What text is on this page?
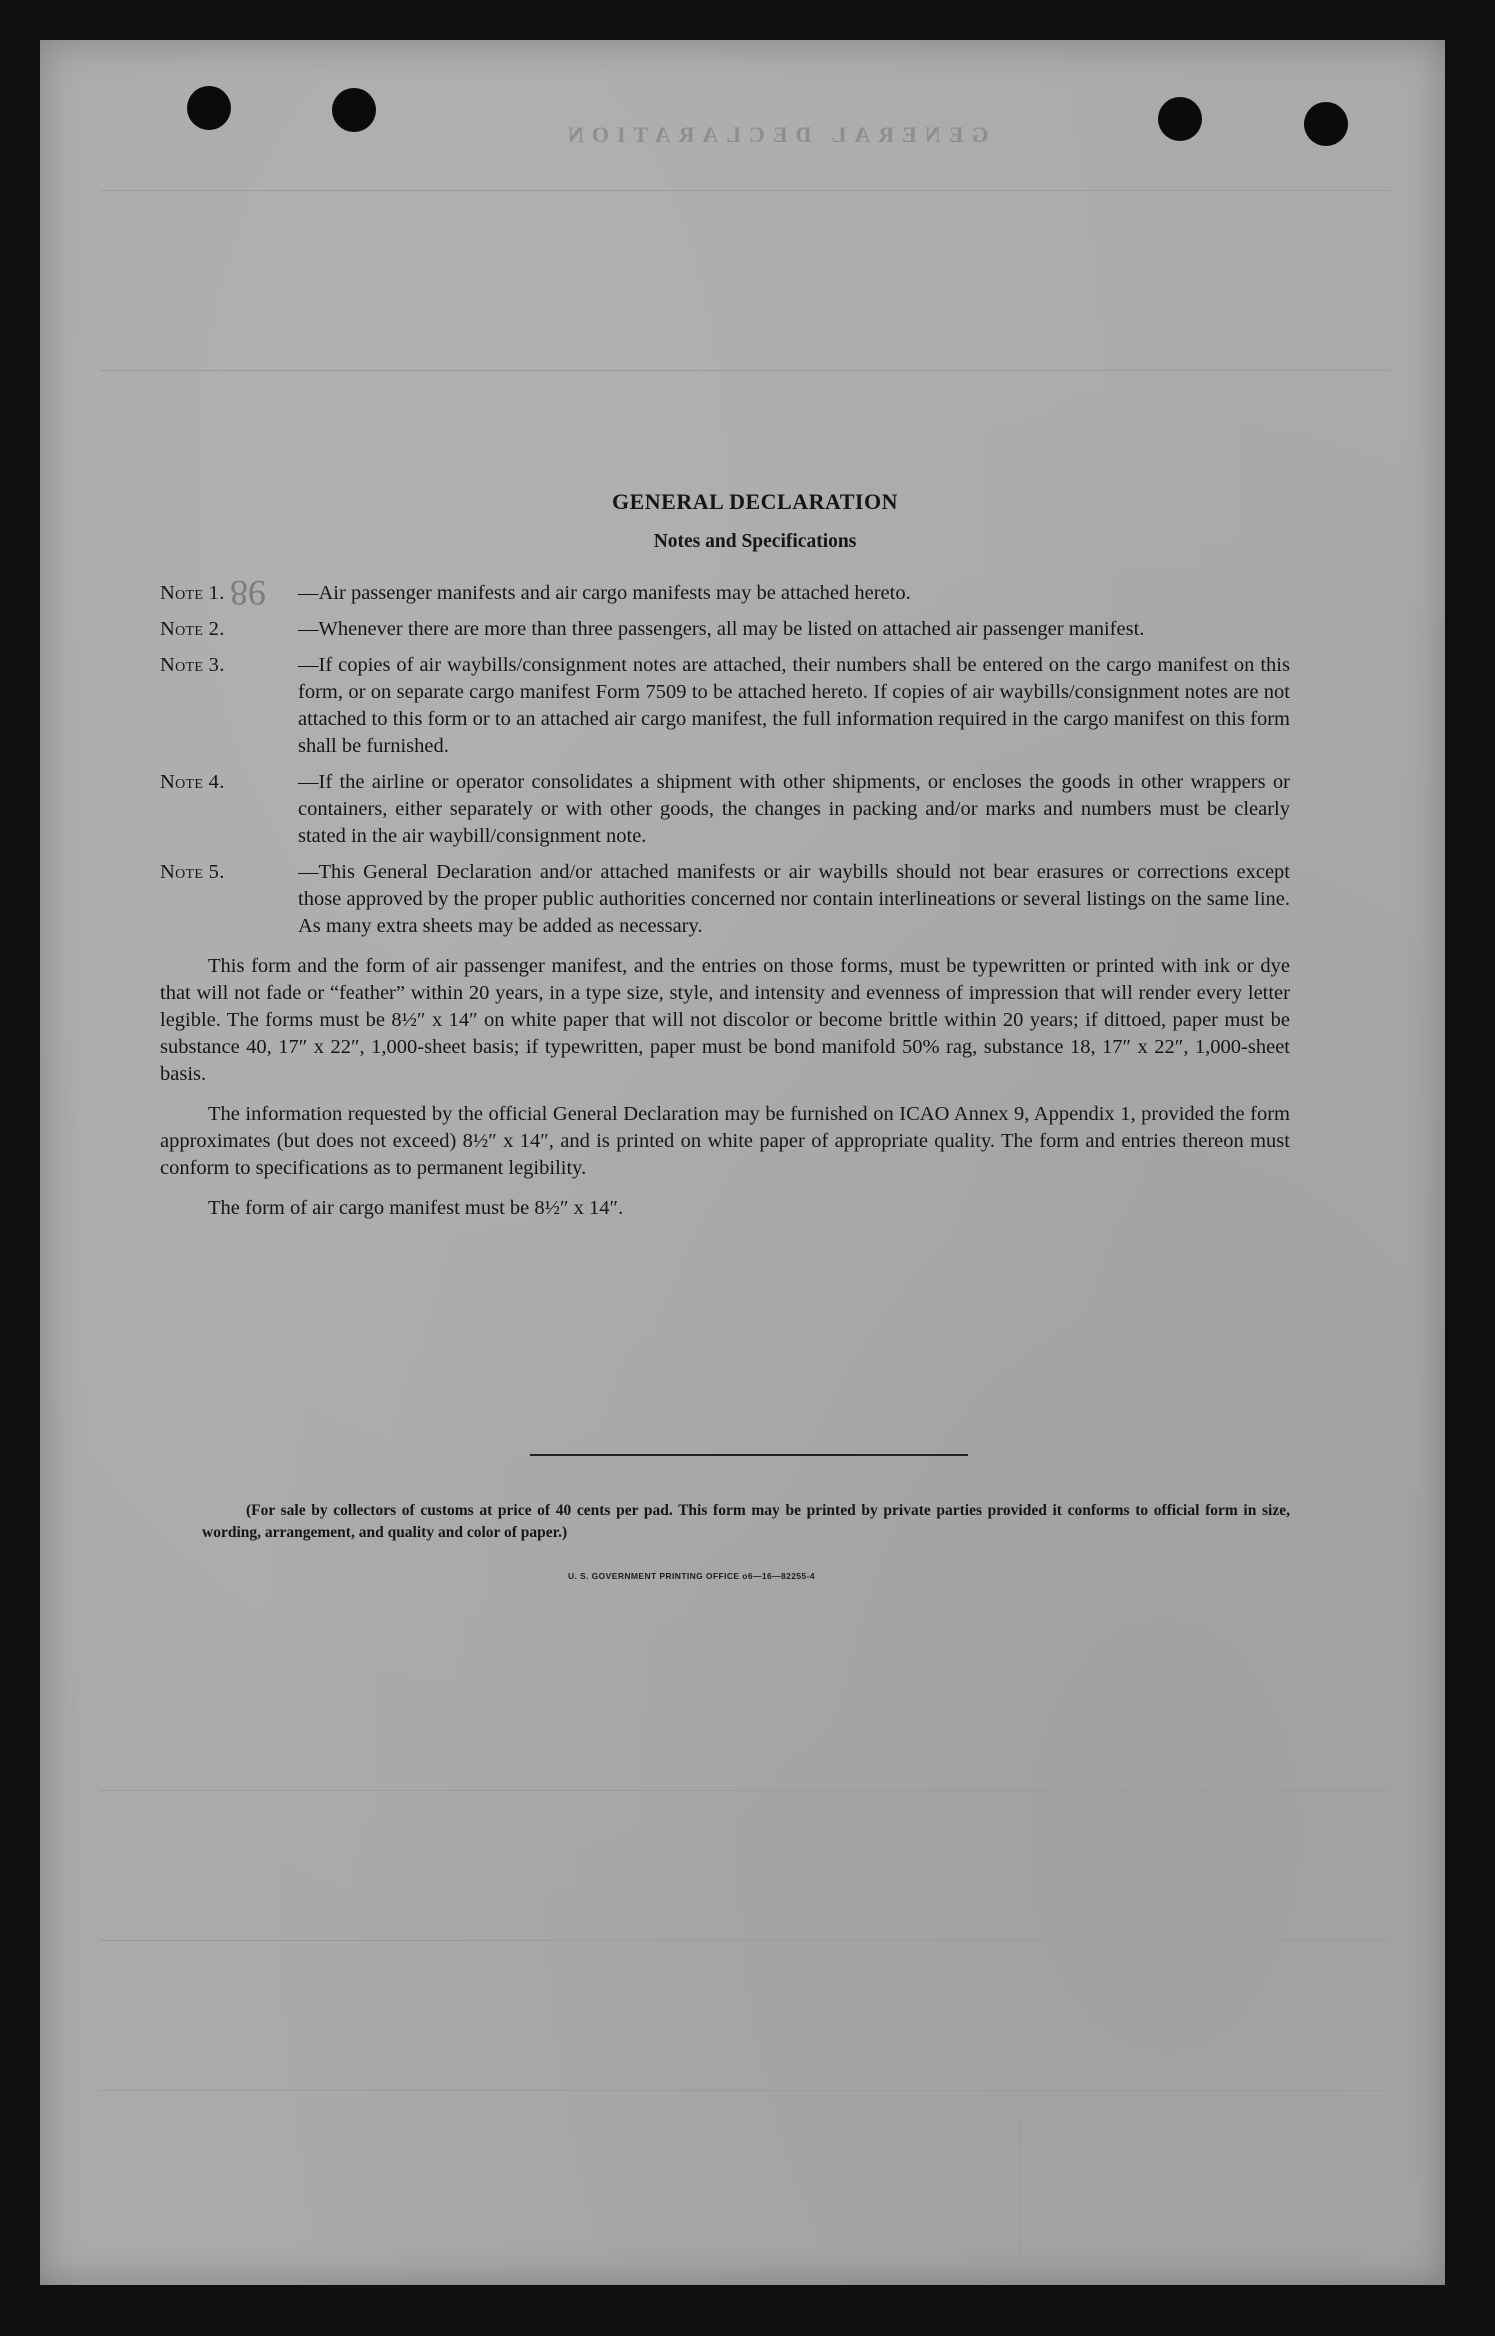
GENERAL DECLARATION
98
GENERAL DECLARATION
Notes and Specifications
Note 1.	—Air passenger manifests and air cargo manifests may be attached hereto.
Note 2.	—Whenever there are more than three passengers, all may be listed on attached air passenger manifest.
Note 3.	—If copies of air waybills/consignment notes are attached, their numbers shall be entered on the cargo manifest on this form, or on separate cargo manifest Form 7509 to be attached hereto. If copies of air waybills/consignment notes are not attached to this form or to an attached air cargo manifest, the full information required in the cargo manifest on this form shall be furnished.
Note 4.	—If the airline or operator consolidates a shipment with other shipments, or encloses the goods in other wrappers or containers, either separately or with other goods, the changes in packing and/or marks and numbers must be clearly stated in the air waybill/consignment note.
Note 5.	—This General Declaration and/or attached manifests or air waybills should not bear erasures or corrections except those approved by the proper public authorities concerned nor contain interlineations or several listings on the same line. As many extra sheets may be added as necessary.

This form and the form of air passenger manifest, and the entries on those forms, must be typewritten or printed with ink or dye that will not fade or “feather” within 20 years, in a type size, style, and intensity and evenness of impression that will render every letter legible. The forms must be 8½″ x 14″ on white paper that will not discolor or become brittle within 20 years; if dittoed, paper must be substance 40, 17″ x 22″, 1,000-sheet basis; if typewritten, paper must be bond manifold 50% rag, substance 18, 17″ x 22″, 1,000-sheet basis.

The information requested by the official General Declaration may be furnished on ICAO Annex 9, Appendix 1, provided the form approximates (but does not exceed) 8½″ x 14″, and is printed on white paper of appropriate quality. The form and entries thereon must conform to specifications as to permanent legibility.

The form of air cargo manifest must be 8½″ x 14″.
(For sale by collectors of customs at price of 40 cents per pad. This form may be printed by private parties provided it conforms to official form in size, wording, arrangement, and quality and color of paper.)
U. S. GOVERNMENT PRINTING OFFICE o6—16—82255-4
